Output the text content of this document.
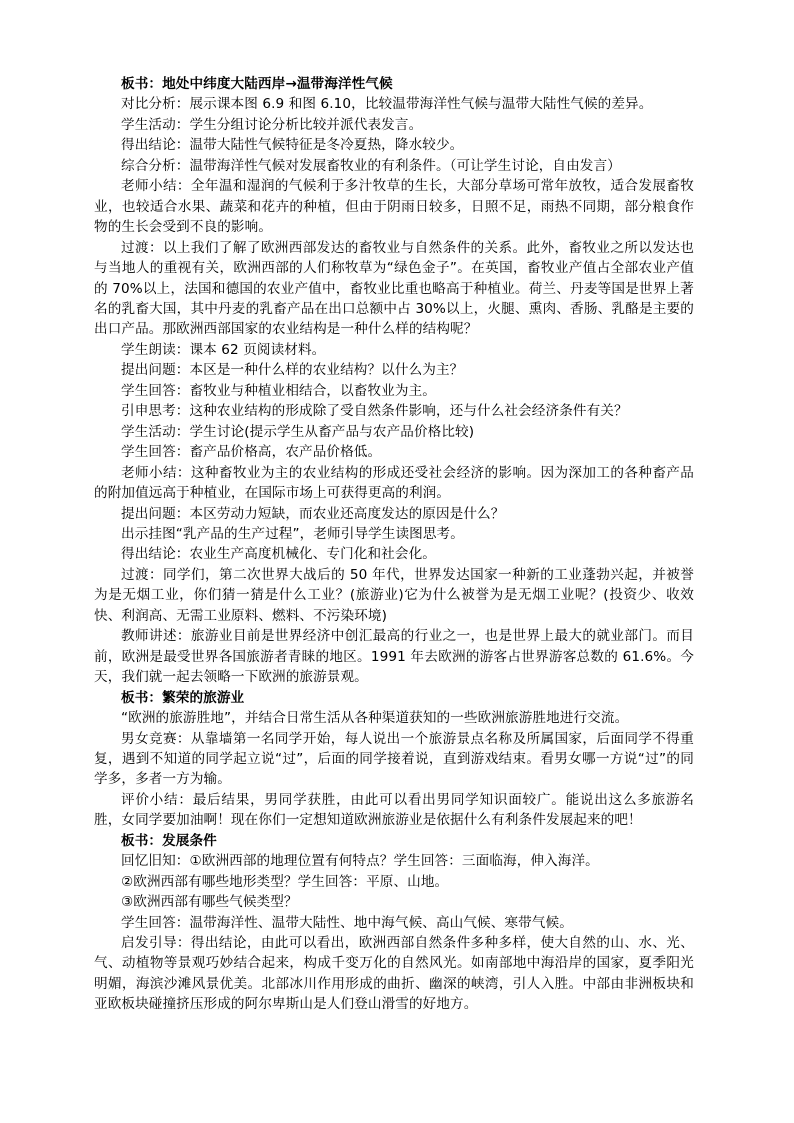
板书：地处中纬度大陆西岸→温带海洋性气候

对比分析：展示课本图 6.9 和图 6.10，比较温带海洋性气候与温带大陆性气候的差异。

学生活动：学生分组讨论分析比较并派代表发言。

得出结论：温带大陆性气候特征是冬冷夏热，降水较少。

综合分析：温带海洋性气候对发展畜牧业的有利条件。（可让学生讨论，自由发言）

老师小结：全年温和湿润的气候利于多汁牧草的生长，大部分草场可常年放牧，适合发展畜牧业，也较适合水果、蔬菜和花卉的种植，但由于阴雨日较多，日照不足，雨热不同期，部分粮食作物的生长会受到不良的影响。

过渡：以上我们了解了欧洲西部发达的畜牧业与自然条件的关系。此外，畜牧业之所以发达也与当地人的重视有关，欧洲西部的人们称牧草为“绿色金子”。在英国，畜牧业产值占全部农业产值的 70%以上，法国和德国的农业产值中，畜牧业比重也略高于种植业。荷兰、丹麦等国是世界上著名的乳畜大国，其中丹麦的乳畜产品在出口总额中占 30%以上，火腿、熏肉、香肠、乳酪是主要的出口产品。那欧洲西部国家的农业结构是一种什么样的结构呢？

学生朗读：课本 62 页阅读材料。

提出问题：本区是一种什么样的农业结构？以什么为主？

学生回答：畜牧业与种植业相结合，以畜牧业为主。

引申思考：这种农业结构的形成除了受自然条件影响，还与什么社会经济条件有关？

学生活动：学生讨论(提示学生从畜产品与农产品价格比较)

学生回答：畜产品价格高，农产品价格低。

老师小结：这种畜牧业为主的农业结构的形成还受社会经济的影响。因为深加工的各种畜产品的附加值远高于种植业，在国际市场上可获得更高的利润。

提出问题：本区劳动力短缺，而农业还高度发达的原因是什么？

出示挂图“乳产品的生产过程”，老师引导学生读图思考。

得出结论：农业生产高度机械化、专门化和社会化。

过渡：同学们，第二次世界大战后的 50 年代，世界发达国家一种新的工业蓬勃兴起，并被誉为是无烟工业，你们猜一猜是什么工业？(旅游业)它为什么被誉为是无烟工业呢？(投资少、收效快、利润高、无需工业原料、燃料、不污染环境)

教师讲述：旅游业目前是世界经济中创汇最高的行业之一，也是世界上最大的就业部门。而目前，欧洲是最受世界各国旅游者青睐的地区。1991 年去欧洲的游客占世界游客总数的 61.6%。今天，我们就一起去领略一下欧洲的旅游景观。

板书：繁荣的旅游业

“欧洲的旅游胜地”，并结合日常生活从各种渠道获知的一些欧洲旅游胜地进行交流。

男女竞赛：从靠墙第一名同学开始，每人说出一个旅游景点名称及所属国家，后面同学不得重复，遇到不知道的同学起立说“过”，后面的同学接着说，直到游戏结束。看男女哪一方说“过”的同学多，多者一方为输。

评价小结：最后结果，男同学获胜，由此可以看出男同学知识面较广。能说出这么多旅游名胜，女同学要加油啊！现在你们一定想知道欧洲旅游业是依据什么有利条件发展起来的吧！

板书：发展条件

回忆旧知：①欧洲西部的地理位置有何特点？学生回答：三面临海，伸入海洋。

②欧洲西部有哪些地形类型？学生回答：平原、山地。

③欧洲西部有哪些气候类型？

学生回答：温带海洋性、温带大陆性、地中海气候、高山气候、寒带气候。

启发引导：得出结论，由此可以看出，欧洲西部自然条件多种多样，使大自然的山、水、光、气、动植物等景观巧妙结合起来，构成千变万化的自然风光。如南部地中海沿岸的国家，夏季阳光明媚，海滨沙滩风景优美。北部冰川作用形成的曲折、幽深的峡湾，引人入胜。中部由非洲板块和亚欧板块碰撞挤压形成的阿尔卑斯山是人们登山滑雪的好地方。
